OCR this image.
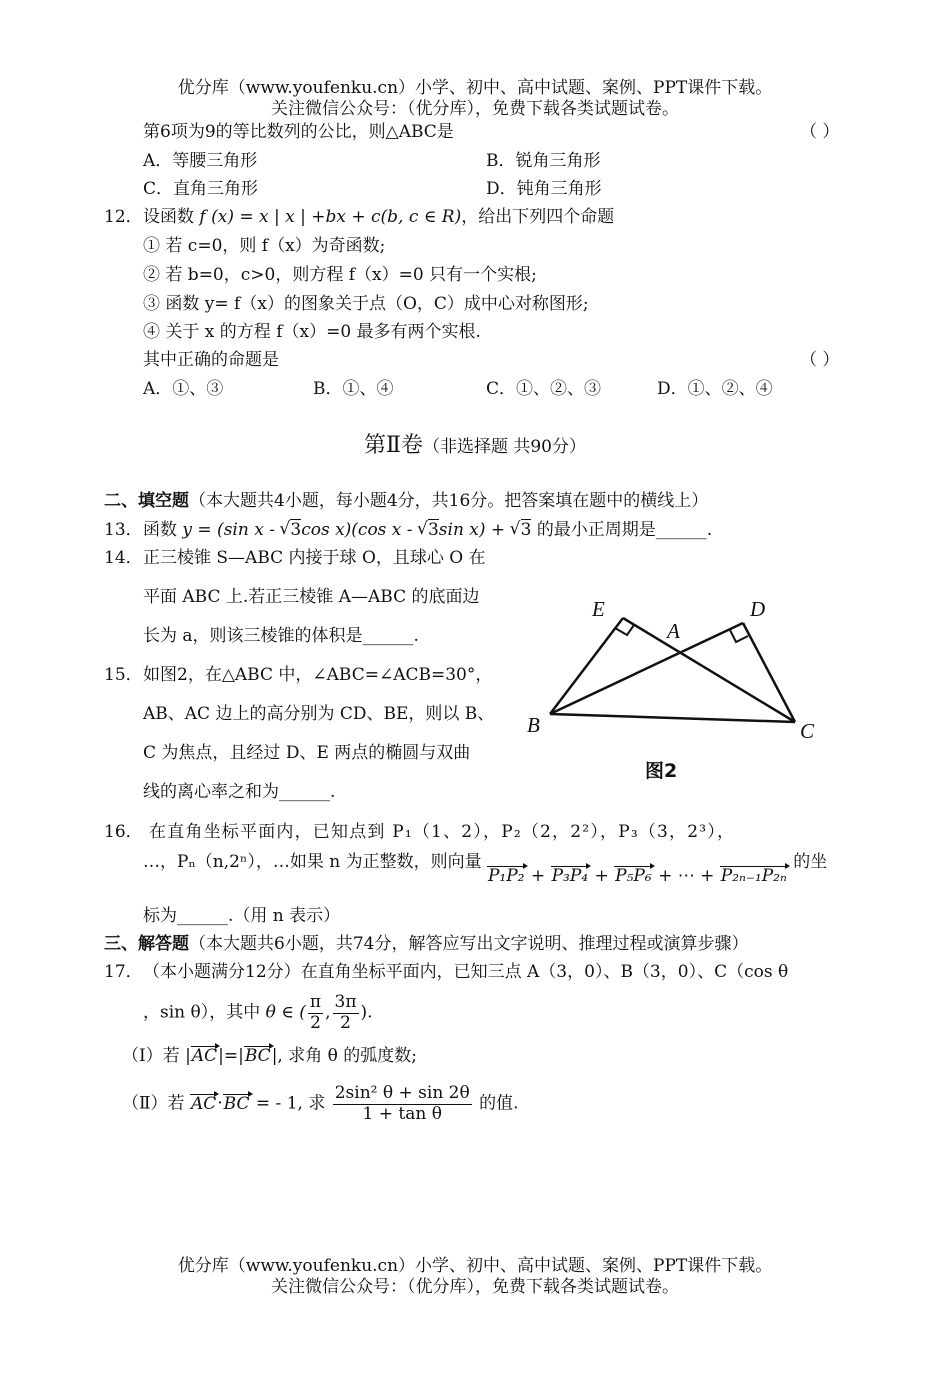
优分库（www.youfenku.cn）小学、初中、高中试题、案例、PPT课件下载。
关注微信公众号：（优分库），免费下载各类试题试卷。
第6项为9的等比数列的公比，则△ABC是	（ ）
A．等腰三角形	B．锐角三角形
C．直角三角形	D．钝角三角形
12． 设函数 f (x) = x | x | +bx + c(b, c ∈ R)，给出下列四个命题
① 若 c=0，则 f（x）为奇函数;
② 若 b=0，c>0，则方程 f（x）=0 只有一个实根;
③ 函数 y= f（x）的图象关于点（O，C）成中心对称图形;
④ 关于 x 的方程 f（x）=0 最多有两个实根.
其中正确的命题是	（ ）
A．①、③	B．①、④	C．①、②、③	D．①、②、④
第Ⅱ卷（非选择题 共90分）
二、填空题（本大题共4小题，每小题4分，共16分。把答案填在题中的横线上）
13． 函数 y = (sin x - √ 3cos x)(cos x - √ 3sin x) + √ 3 的最小正周期是______.
14． 正三棱锥 S—ABC 内接于球 O，且球心 O 在
平面 ABC 上.若正三棱锥 A—ABC 的底面边
长为 a，则该三棱锥的体积是______.
15． 如图2，在△ABC 中，∠ABC=∠ACB=30°，
AB、AC 边上的高分别为 CD、BE，则以 B、
C 为焦点，且经过 D、E 两点的椭圆与双曲
线的离心率之和为______.
E	D
A
B	C
图2
16． 在直角坐标平面内，已知点到 P₁（1、2），P₂（2，2²），P₃（3，2³），
…，Pₙ（n,2ⁿ），…如果 n 为正整数，则向量 P₁P₂ + P₃P₄ + P₅P₆ + ⋯ + P₂ₙ₋₁P₂ₙ 的坐
标为______.（用 n 表示）
三、解答题（本大题共6小题，共74分，解答应写出文字说明、推理过程或演算步骤）
17． （本小题满分12分）在直角坐标平面内，已知三点 A（3，0）、B（3，0）、C（cos θ
，sin θ），其中 θ ∈ ( $\frac{\pi}{2}$ , $\frac{3\pi}{2}$ ).
（Ⅰ）若 |AC|=|BC|, 求角 θ 的弧度数;
（Ⅱ）若 AC·BC = - 1, 求 $\frac{\text{2sin² θ + sin 2θ}}{\text{1 + tan θ}}$ 的值.
优分库（www.youfenku.cn）小学、初中、高中试题、案例、PPT课件下载。
关注微信公众号：（优分库），免费下载各类试题试卷。
